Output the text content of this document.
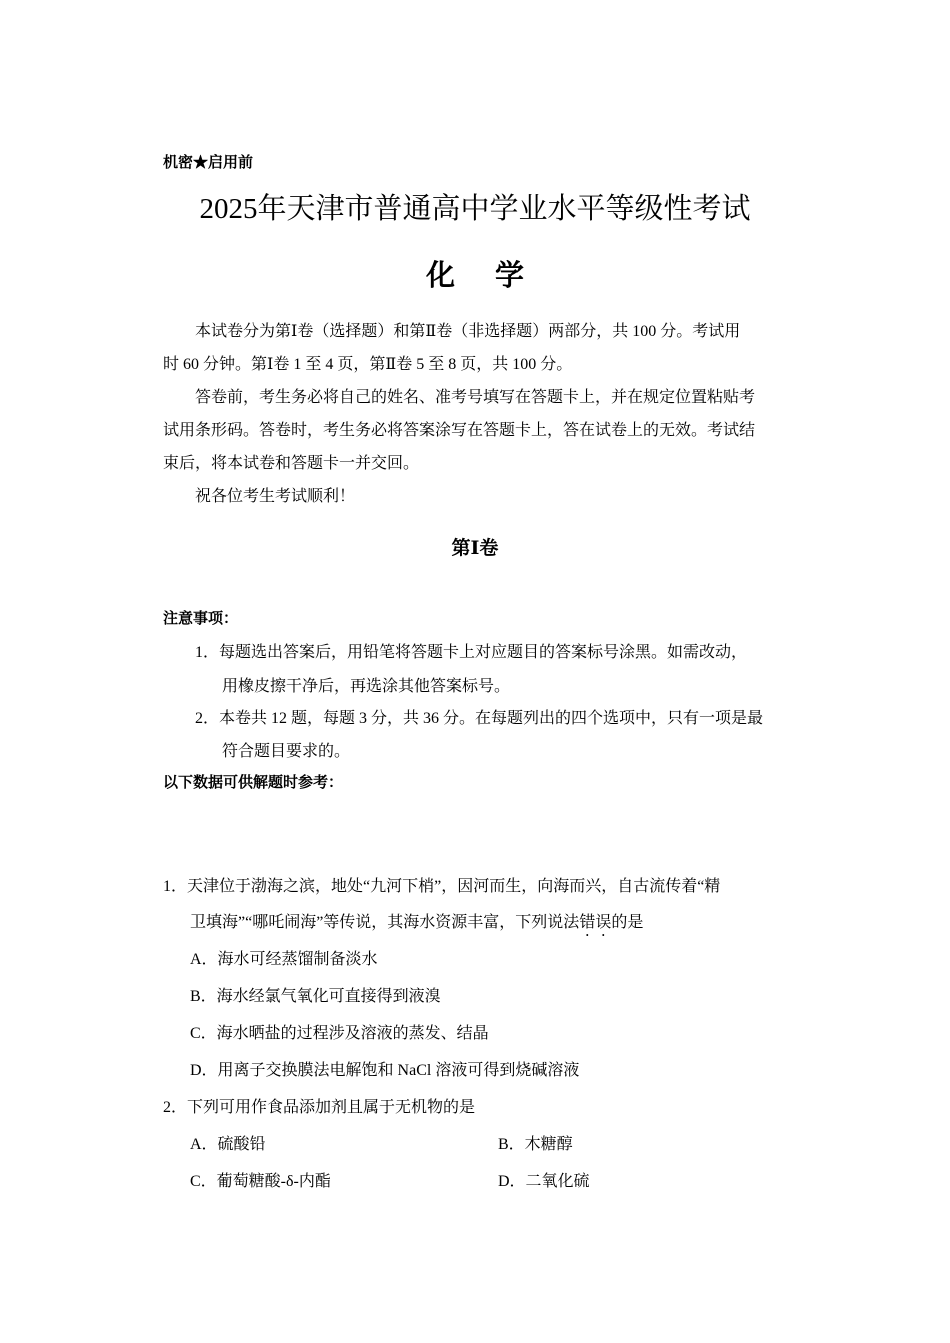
机密★启用前
2025年天津市普通高中学业水平等级性考试
化学
本试卷分为第Ⅰ卷（选择题）和第Ⅱ卷（非选择题）两部分，共 100 分。考试用
时 60 分钟。第Ⅰ卷 1 至 4 页，第Ⅱ卷 5 至 8 页，共 100 分。
答卷前，考生务必将自己的姓名、准考号填写在答题卡上，并在规定位置粘贴考
试用条形码。答卷时，考生务必将答案涂写在答题卡上，答在试卷上的无效。考试结
束后，将本试卷和答题卡一并交回。
祝各位考生考试顺利！
第Ⅰ卷
注意事项：
1．每题选出答案后，用铅笔将答题卡上对应题目的答案标号涂黑。如需改动，
用橡皮擦干净后，再选涂其他答案标号。
2．本卷共 12 题，每题 3 分，共 36 分。在每题列出的四个选项中，只有一项是最
符合题目要求的。
以下数据可供解题时参考：
1．天津位于渤海之滨，地处“九河下梢”，因河而生，向海而兴，自古流传着“精
卫填海”“哪吒闹海”等传说，其海水资源丰富，下列说法错误的是
A．海水可经蒸馏制备淡水
B．海水经氯气氧化可直接得到液溴
C．海水晒盐的过程涉及溶液的蒸发、结晶
D．用离子交换膜法电解饱和 NaCl 溶液可得到烧碱溶液
2．下列可用作食品添加剂且属于无机物的是
A．硫酸铅	B．木糖醇
C．葡萄糖酸-δ-内酯	D．二氧化硫
